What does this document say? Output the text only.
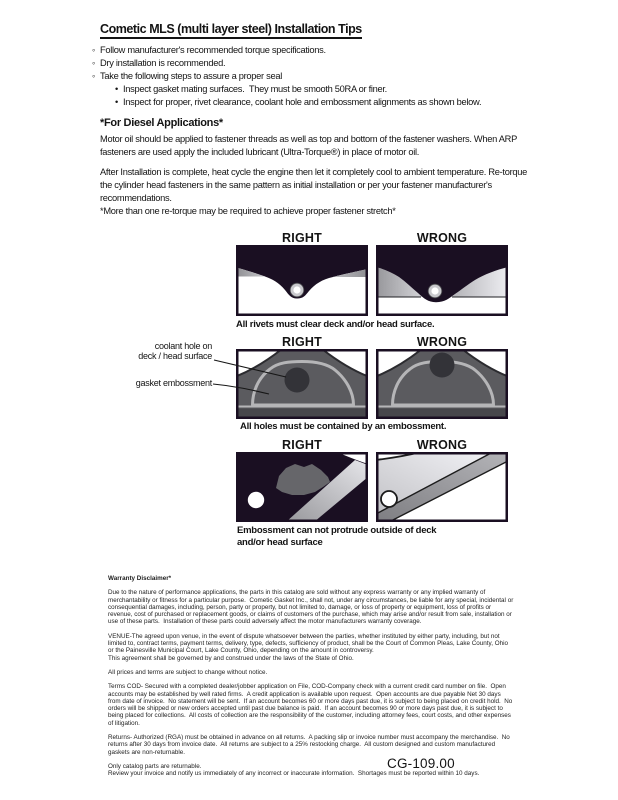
Cometic MLS (multi layer steel) Installation Tips
◦ Follow manufacturer's recommended torque specifications.
◦ Dry installation is recommended.
◦ Take the following steps to assure a proper seal
• Inspect gasket mating surfaces.  They must be smooth 50RA or finer.
• Inspect for proper, rivet clearance, coolant hole and embossment alignments as shown below.
*For Diesel Applications*
Motor oil should be applied to fastener threads as well as top and bottom of the fastener washers. When ARP fasteners are used apply the included lubricant (Ultra-Torque®) in place of motor oil.
After Installation is complete, heat cycle the engine then let it completely cool to ambient temperature. Re-torque the cylinder head fasteners in the same pattern as initial installation or per your fastener manufacturer's recommendations.
*More than one re-torque may be required to achieve proper fastener stretch*
RIGHT	WRONG
All rivets must clear deck and/or head surface.
RIGHT	WRONG
coolant hole on
deck / head surface
gasket embossment
All holes must be contained by an embossment.
RIGHT	WRONG
Embossment can not protrude outside of deck
and/or head surface

Warranty Disclaimer*

Due to the nature of performance applications, the parts in this catalog are sold without any express warranty or any implied warranty of merchantability or fitness for a particular purpose.  Cometic Gasket Inc., shall not, under any circumstances, be liable for any special, incidental or consequential damages, including, person, party or property, but not limited to, damage, or loss of property or equipment, loss of profits or revenue, cost of purchased or replacement goods, or claims of customers of the purchase, which may arise and/or result from sale, installation or use of these parts.  Installation of these parts could adversely affect the motor manufacturers warranty coverage.

VENUE-The agreed upon venue, in the event of dispute whatsoever between the parties, whether instituted by either party, including, but not limited to, contract terms, payment terms, delivery, type, defects, sufficiency of product, shall be the Court of Common Pleas, Lake County, Ohio or the Painesville Municipal Court, Lake County, Ohio, depending on the amount in controversy.

This agreement shall be governed by and construed under the laws of the State of Ohio.

All prices and terms are subject to change without notice.

Terms COD- Secured with a completed dealer/jobber application on File, COD-Company check with a current credit card number on file.  Open accounts may be established by well rated firms.  A credit application is available upon request.  Open accounts are due payable Net 30 days from date of invoice.  No statement will be sent.  If an account becomes 60 or more days past due, it is subject to being placed on credit hold.  No orders will be shipped or new orders accepted until past due balance is paid.  If an account becomes 90 or more days past due, it is subject to being placed for collections.  All costs of collection are the responsibility of the customer, including attorney fees, court costs, and other expenses of litigation.

Returns- Authorized (RGA) must be obtained in advance on all returns.  A packing slip or invoice number must accompany the merchandise.  No returns after 30 days from invoice date.  All returns are subject to a 25% restocking charge.  All custom designed and custom manufactured gaskets are non-returnable.

Only catalog parts are returnable.

Review your invoice and notify us immediately of any incorrect or inaccurate information.  Shortages must be reported within 10 days.

CG-109.00
